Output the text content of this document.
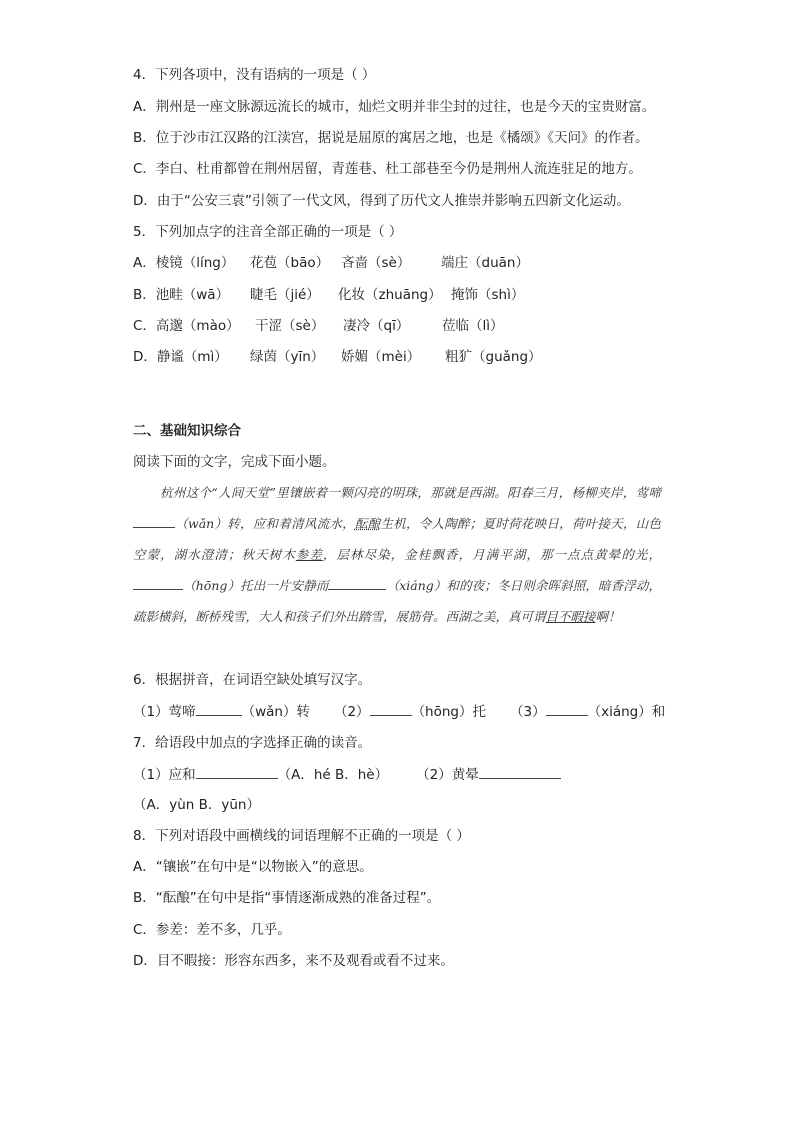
4．下列各项中，没有语病的一项是（ ）
A．荆州是一座文脉源远流长的城市，灿烂文明并非尘封的过往，也是今天的宝贵财富。
B．位于沙市江汉路的江渎宫，据说是屈原的寓居之地，也是《橘颂》《天问》的作者。
C．李白、杜甫都曾在荆州居留，青莲巷、杜工部巷至今仍是荆州人流连驻足的地方。
D．由于“公安三袁”引领了一代文风，得到了历代文人推崇并影响五四新文化运动。
5．下列加点字的注音全部正确的一项是（ ）
A．棱镜（líng） 花苞（bāo） 吝啬（sè） 端庄（duān）
B．池畦（wā） 睫毛（jié） 化妆（zhuāng） 掩饰（shì）
C．高邈（mào） 干涩（sè） 凄冷（qī） 莅临（lì）
D．静谧（mì） 绿茵（yīn） 娇媚（mèi） 粗犷（guǎng）
二、基础知识综合
阅读下面的文字，完成下面小题。
杭州这个“人间天堂”里镶嵌着一颗闪亮的明珠，那就是西湖。阳春三月，杨柳夹岸，莺啼（wǎn）转，应和着清风流水，酝酿生机，令人陶醉；夏时荷花映日，荷叶接天，山色空蒙，湖水澄清；秋天树木参差，层林尽染，金桂飘香，月满平湖，那一点点黄晕的光，（hōng）托出一片安静而	（xiáng）和的夜；冬日则余晖斜照，暗香浮动，疏影横斜，断桥残雪，大人和孩子们外出踏雪，展筋骨。西湖之美，真可谓目不暇接啊！
6．根据拼音，在词语空缺处填写汉字。
（1）莺啼	（wǎn）转 （2）	（hōng）托 （3）	（xiáng）和
7．给语段中加点的字选择正确的读音。
（1）应和	（A．hé B．hè） （2）黄晕
（A．yùn B．yūn）
8．下列对语段中画横线的词语理解不正确的一项是（ ）
A．“镶嵌”在句中是“以物嵌入”的意思。
B．“酝酿”在句中是指“事情逐渐成熟的准备过程”。
C．参差：差不多，几乎。
D．目不暇接：形容东西多，来不及观看或看不过来。
